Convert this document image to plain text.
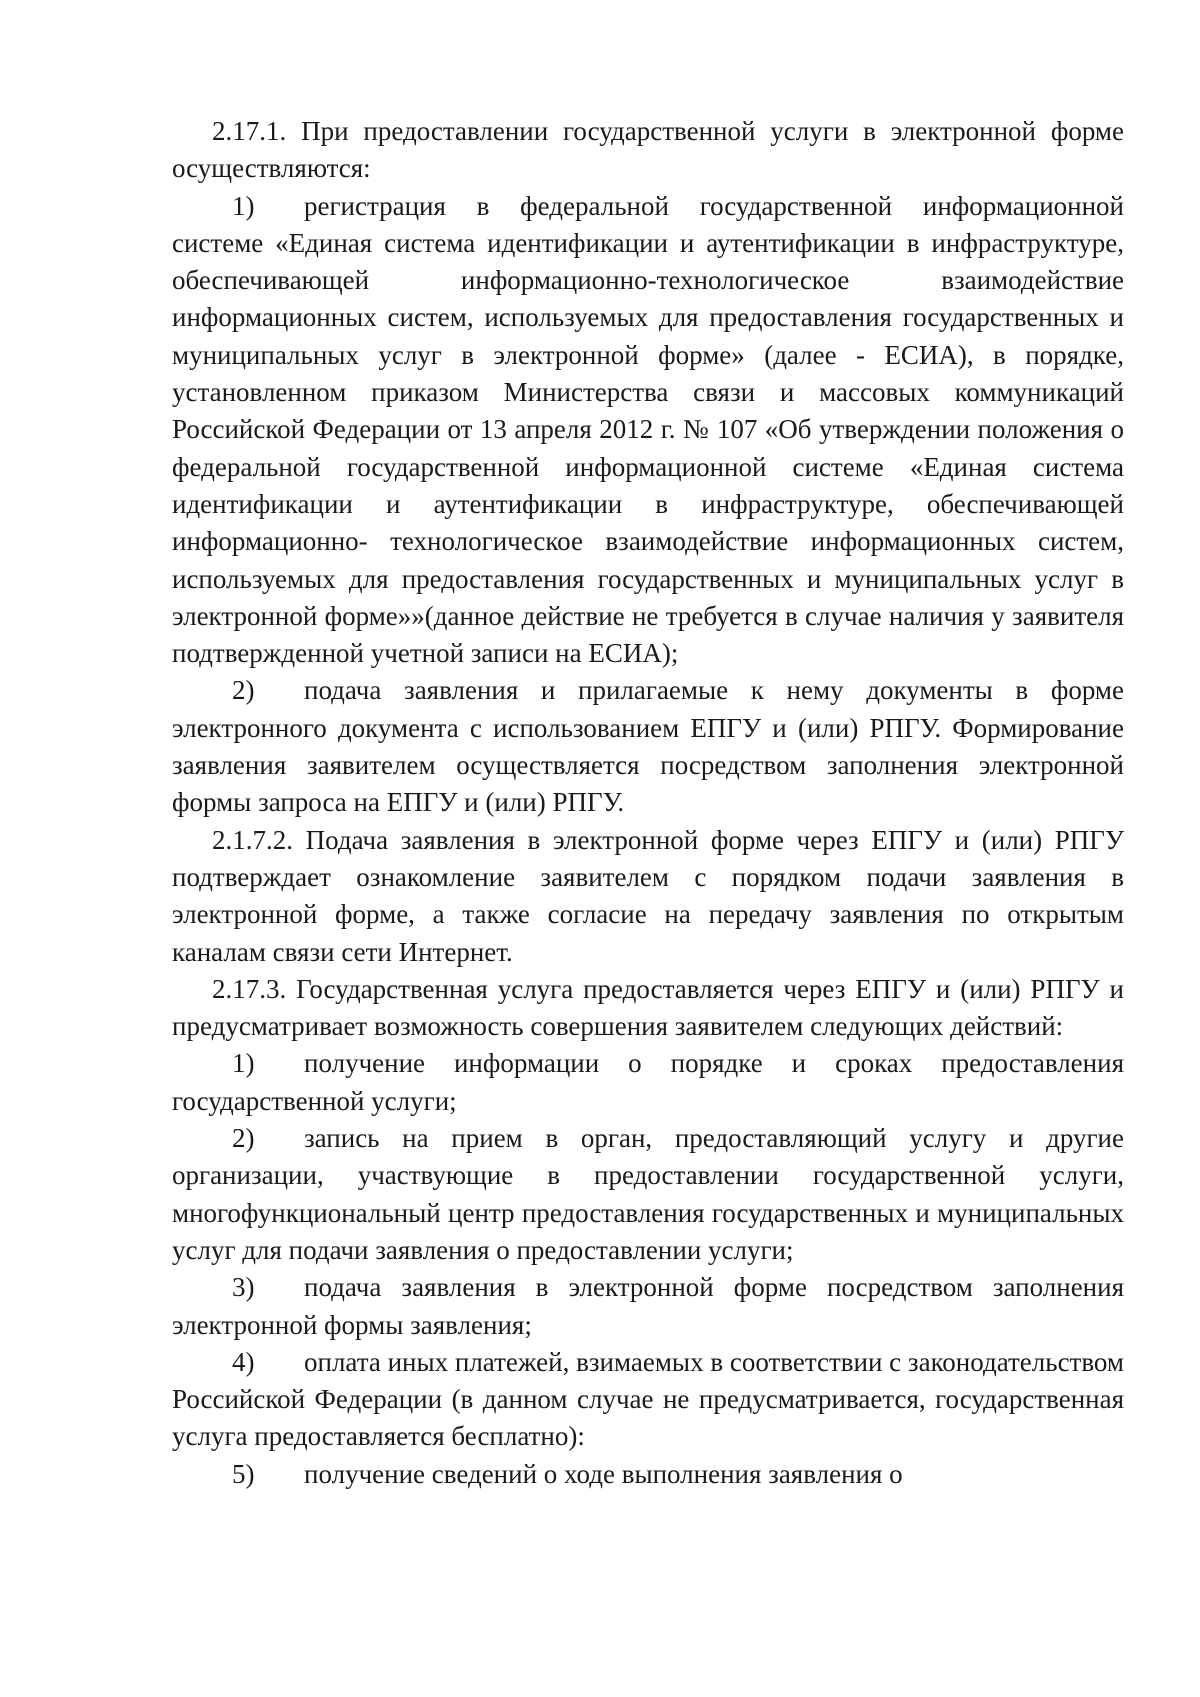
2.17.1. При предоставлении государственной услуги в электронной форме осуществляются:

1) регистрация в федеральной государственной информационной системе «Единая система идентификации и аутентификации в инфраструктуре, обеспечивающей информационно-технологическое взаимодействие информационных систем, используемых для предоставления государственных и муниципальных услуг в электронной форме» (далее - ЕСИА), в порядке, установленном приказом Министерства связи и массовых коммуникаций Российской Федерации от 13 апреля 2012 г. № 107 «Об утверждении положения о федеральной государственной информационной системе «Единая система идентификации и аутентификации в инфраструктуре, обеспечивающей информационно- технологическое взаимодействие информационных систем, используемых для предоставления государственных и муниципальных услуг в электронной форме»»(данное действие не требуется в случае наличия у заявителя подтвержденной учетной записи на ЕСИА);

2) подача заявления и прилагаемые к нему документы в форме электронного документа с использованием ЕПГУ и (или) РПГУ. Формирование заявления заявителем осуществляется посредством заполнения электронной формы запроса на ЕПГУ и (или) РПГУ.

2.1.7.2. Подача заявления в электронной форме через ЕПГУ и (или) РПГУ подтверждает ознакомление заявителем с порядком подачи заявления в электронной форме, а также согласие на передачу заявления по открытым каналам связи сети Интернет.

2.17.3. Государственная услуга предоставляется через ЕПГУ и (или) РПГУ и предусматривает возможность совершения заявителем следующих действий:

1) получение информации о порядке и сроках предоставления государственной услуги;

2) запись на прием в орган, предоставляющий услугу и другие организации, участвующие в предоставлении государственной услуги, многофункциональный центр предоставления государственных и муниципальных услуг для подачи заявления о предоставлении услуги;

3) подача заявления в электронной форме посредством заполнения электронной формы заявления;

4) оплата иных платежей, взимаемых в соответствии с законодательством Российской Федерации (в данном случае не предусматривается, государственная услуга предоставляется бесплатно):

5) получение сведений о ходе выполнения заявления о
